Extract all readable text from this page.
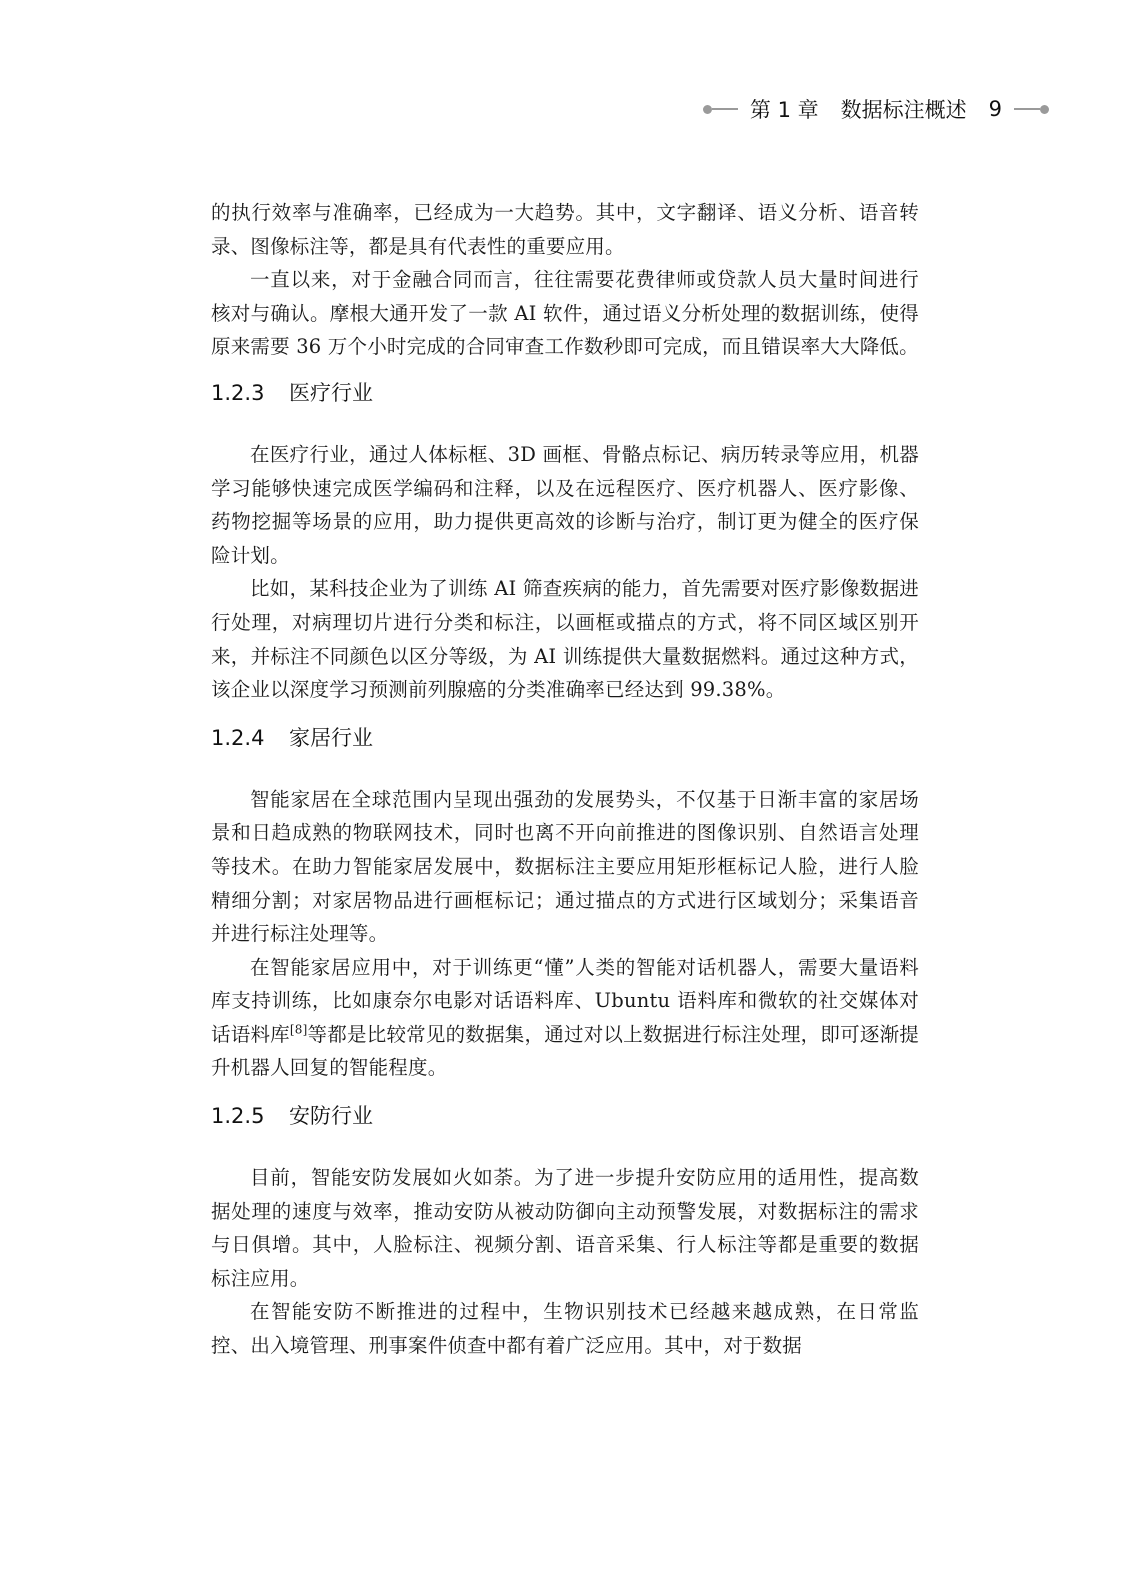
第 1 章 数据标注概述 9

的执行效率与准确率，已经成为一大趋势。其中，文字翻译、语义分析、语音转录、图像标注等，都是具有代表性的重要应用。

一直以来，对于金融合同而言，往往需要花费律师或贷款人员大量时间进行核对与确认。摩根大通开发了一款 AI 软件，通过语义分析处理的数据训练，使得原来需要 36 万个小时完成的合同审查工作数秒即可完成，而且错误率大大降低。

1.2.3 医疗行业

在医疗行业，通过人体标框、3D 画框、骨骼点标记、病历转录等应用，机器学习能够快速完成医学编码和注释，以及在远程医疗、医疗机器人、医疗影像、药物挖掘等场景的应用，助力提供更高效的诊断与治疗，制订更为健全的医疗保险计划。

比如，某科技企业为了训练 AI 筛查疾病的能力，首先需要对医疗影像数据进行处理，对病理切片进行分类和标注，以画框或描点的方式，将不同区域区别开来，并标注不同颜色以区分等级，为 AI 训练提供大量数据燃料。通过这种方式，该企业以深度学习预测前列腺癌的分类准确率已经达到 99.38%。

1.2.4 家居行业

智能家居在全球范围内呈现出强劲的发展势头，不仅基于日渐丰富的家居场景和日趋成熟的物联网技术，同时也离不开向前推进的图像识别、自然语言处理等技术。在助力智能家居发展中，数据标注主要应用矩形框标记人脸，进行人脸精细分割；对家居物品进行画框标记；通过描点的方式进行区域划分；采集语音并进行标注处理等。

在智能家居应用中，对于训练更“懂”人类的智能对话机器人，需要大量语料库支持训练，比如康奈尔电影对话语料库、Ubuntu 语料库和微软的社交媒体对话语料库[8]等都是比较常见的数据集，通过对以上数据进行标注处理，即可逐渐提升机器人回复的智能程度。

1.2.5 安防行业

目前，智能安防发展如火如荼。为了进一步提升安防应用的适用性，提高数据处理的速度与效率，推动安防从被动防御向主动预警发展，对数据标注的需求与日俱增。其中，人脸标注、视频分割、语音采集、行人标注等都是重要的数据标注应用。

在智能安防不断推进的过程中，生物识别技术已经越来越成熟，在日常监控、出入境管理、刑事案件侦查中都有着广泛应用。其中，对于数据
